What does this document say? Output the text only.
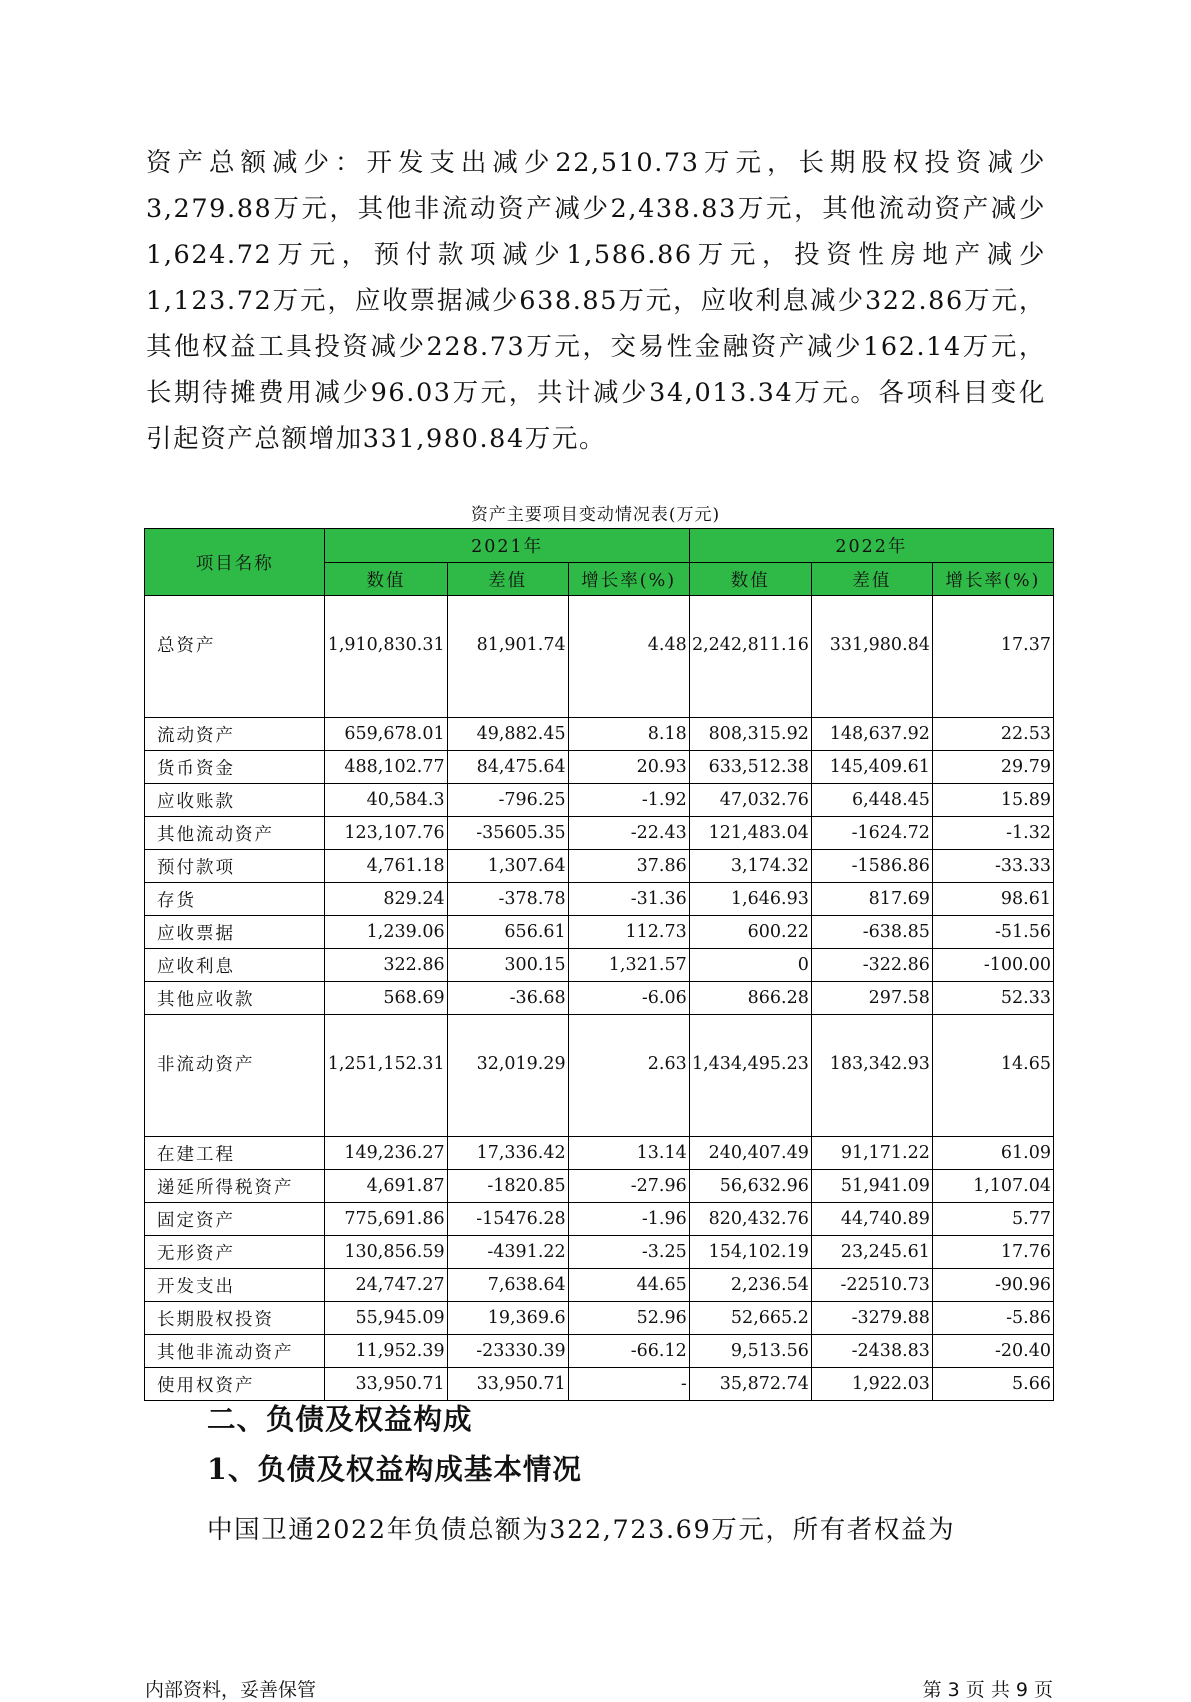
资产总额减少：开发支出减少22,510.73万元，长期股权投资减少3,279.88万元，其他非流动资产减少2,438.83万元，其他流动资产减少1,624.72万元，预付款项减少1,586.86万元，投资性房地产减少1,123.72万元，应收票据减少638.85万元，应收利息减少322.86万元，其他权益工具投资减少228.73万元，交易性金融资产减少162.14万元，长期待摊费用减少96.03万元，共计减少34,013.34万元。各项科目变化引起资产总额增加331,980.84万元。

资产主要项目变动情况表(万元)
项目名称	2021年			2022年		
	数值	差值	增长率(%)	数值	差值	增长率(%)
总资产	1,910,830.31	81,901.74	4.48	2,242,811.16	331,980.84	17.37
流动资产	659,678.01	49,882.45	8.18	808,315.92	148,637.92	22.53
货币资金	488,102.77	84,475.64	20.93	633,512.38	145,409.61	29.79
应收账款	40,584.3	-796.25	-1.92	47,032.76	6,448.45	15.89
其他流动资产	123,107.76	-35605.35	-22.43	121,483.04	-1624.72	-1.32
预付款项	4,761.18	1,307.64	37.86	3,174.32	-1586.86	-33.33
存货	829.24	-378.78	-31.36	1,646.93	817.69	98.61
应收票据	1,239.06	656.61	112.73	600.22	-638.85	-51.56
应收利息	322.86	300.15	1,321.57	0	-322.86	-100.00
其他应收款	568.69	-36.68	-6.06	866.28	297.58	52.33
非流动资产	1,251,152.31	32,019.29	2.63	1,434,495.23	183,342.93	14.65
在建工程	149,236.27	17,336.42	13.14	240,407.49	91,171.22	61.09
递延所得税资产	4,691.87	-1820.85	-27.96	56,632.96	51,941.09	1,107.04
固定资产	775,691.86	-15476.28	-1.96	820,432.76	44,740.89	5.77
无形资产	130,856.59	-4391.22	-3.25	154,102.19	23,245.61	17.76
开发支出	24,747.27	7,638.64	44.65	2,236.54	-22510.73	-90.96
长期股权投资	55,945.09	19,369.6	52.96	52,665.2	-3279.88	-5.86
其他非流动资产	11,952.39	-23330.39	-66.12	9,513.56	-2438.83	-20.40
使用权资产	33,950.71	33,950.71	-	35,872.74	1,922.03	5.66
二、负债及权益构成
1、负债及权益构成基本情况

中国卫通2022年负债总额为322,723.69万元，所有者权益为

内部资料，妥善保管	第 3 页 共 9 页
